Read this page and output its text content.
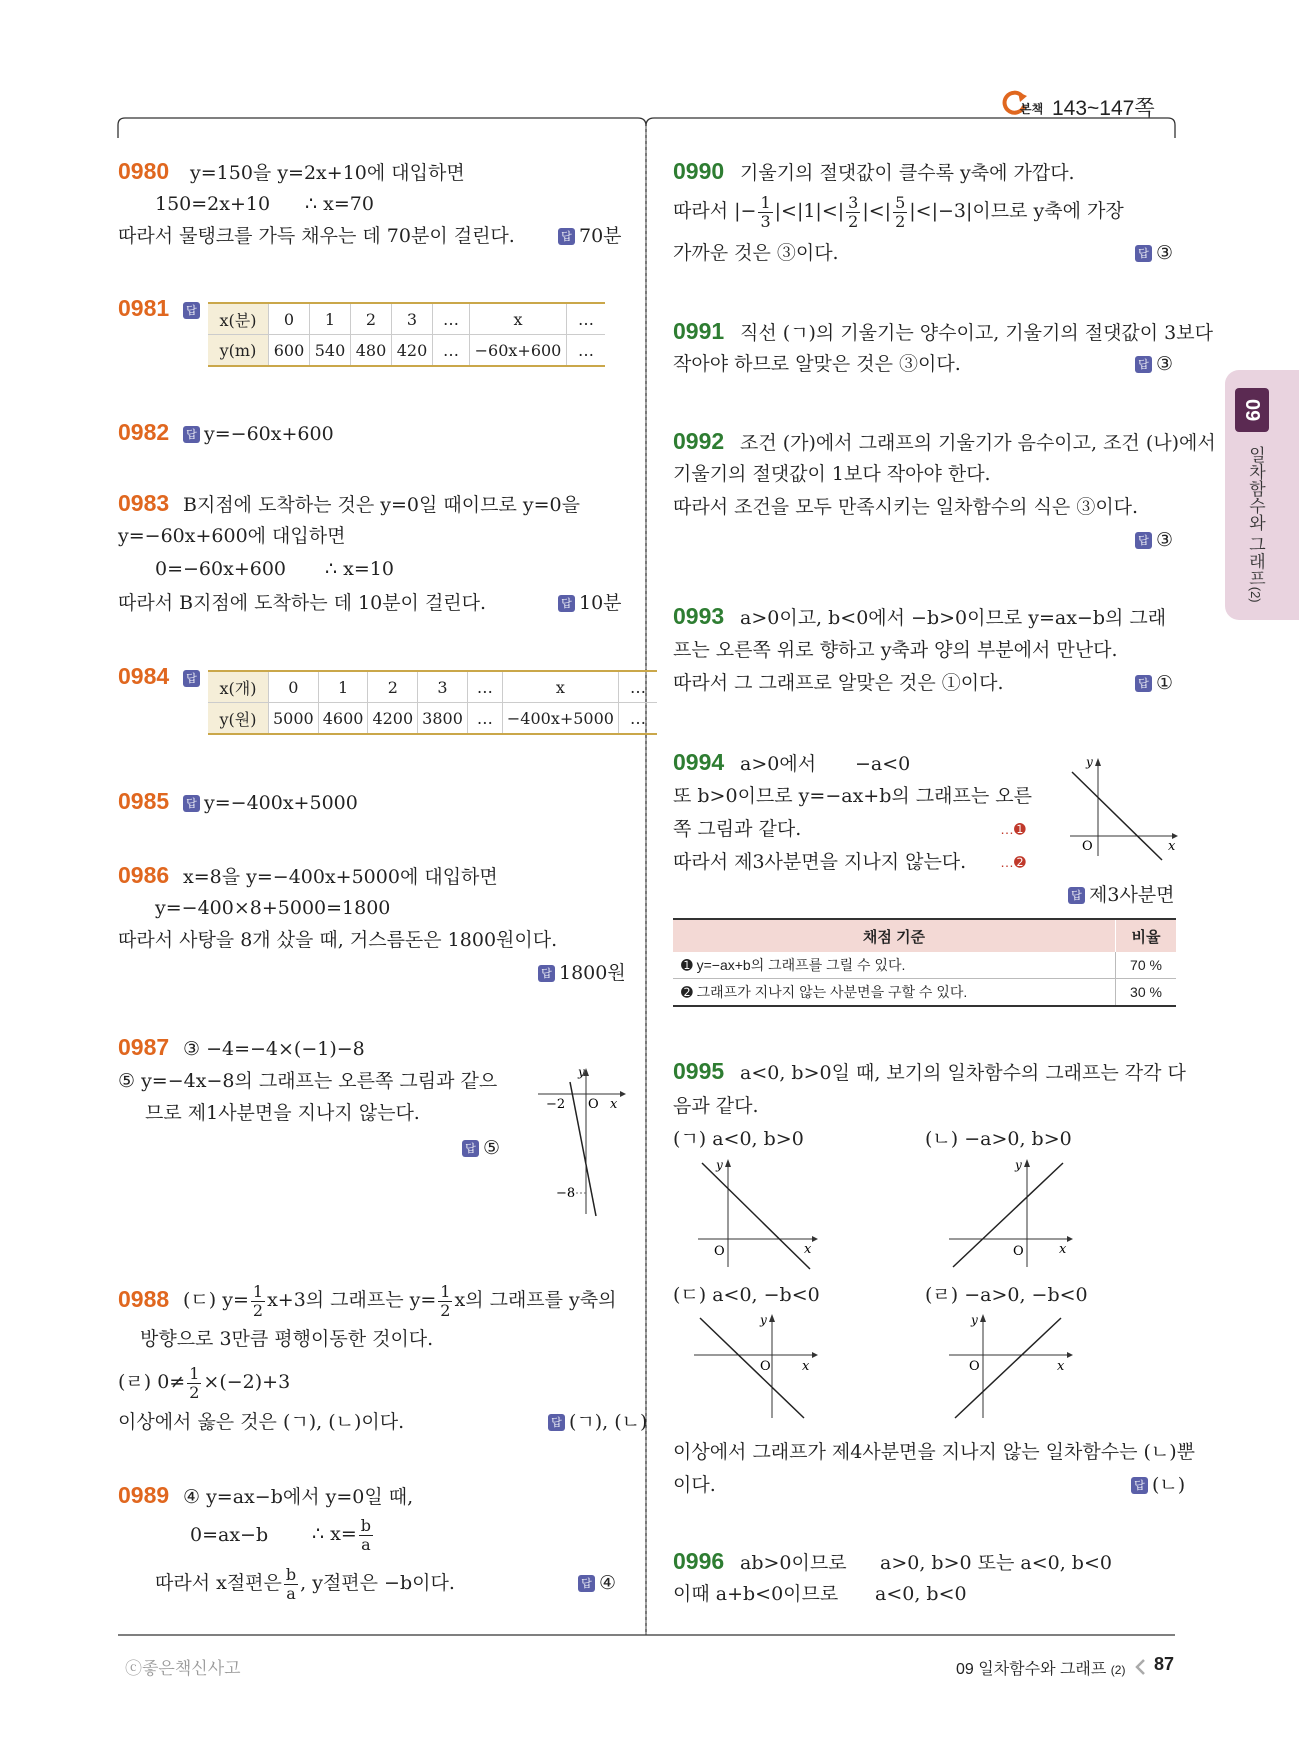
본책 143~147쪽
09
일차함수와 그래프(2)
0980 y=150을 y=2x+10에 대입하면
150=2x+10 ∴ x=70
따라서 물탱크를 가득 채우는 데 70분이 걸린다.	답 70분
0981 답 x(분)	0	1	2	3	…	x	…
y(m)	600	540	480	420	…	−60x+600	…
0982 답 y=−60x+600
0983 B지점에 도착하는 것은 y=0일 때이므로 y=0을
y=−60x+600에 대입하면
0=−60x+600 ∴ x=10
따라서 B지점에 도착하는 데 10분이 걸린다.	답 10분
0984 답 x(개)	0	1	2	3	…	x	…
y(원)	5000	4600	4200	3800	…	−400x+5000	…
0985 답 y=−400x+5000
0986 x=8을 y=−400x+5000에 대입하면
y=−400×8+5000=1800
따라서 사탕을 8개 샀을 때, 거스름돈은 1800원이다.
답 1800원
0987 ③ −4=−4×(−1)−8
⑤ y=−4x−8의 그래프는 오른쪽 그림과 같으
므로 제1사분면을 지나지 않는다.
답 ⑤
y
x
O
−2
−8
0988 (ㄷ) $y= \frac{1}{2} x+3$의 그래프는 $y= \frac{1}{2}$ x의 그래프를 y축의
방향으로 3만큼 평행이동한 것이다.
(ㄹ) $0\ne \frac{1}{2} \times(-2)+3$
이상에서 옳은 것은 (ㄱ), (ㄴ)이다.	답 (ㄱ), (ㄴ)
0989 ④ y=ax−b에서 y=0일 때,
0=ax−b ∴ $x= \frac{b}{a}$
따라서 x절편은 $\frac{b}{a}$ , y절편은 −b이다.	답 ④
0990 기울기의 절댓값이 클수록 y축에 가깝다.
따라서 |− $\frac{1}{3} |<|1|<| \frac{3}{2}$ |<| $\frac{5}{2} |<|-3|$이므로 y축에 가장
가까운 것은 ③이다.	답 ③
0991 직선 (ㄱ)의 기울기는 양수이고, 기울기의 절댓값이 3보다
작아야 하므로 알맞은 것은 ③이다.	답 ③
0992 조건 (가)에서 그래프의 기울기가 음수이고, 조건 (나)에서
기울기의 절댓값이 1보다 작아야 한다.
따라서 조건을 모두 만족시키는 일차함수의 식은 ③이다.
답 ③
0993 a>0이고, b<0에서 −b>0이므로 y=ax−b의 그래
프는 오른쪽 위로 향하고 y축과 양의 부분에서 만난다.
따라서 그 그래프로 알맞은 것은 ①이다.	답 ①
0994 a>0에서 −a<0
또 b>0이므로 y=−ax+b의 그래프는 오른
쪽 그림과 같다.	…➊
따라서 제3사분면을 지나지 않는다. …➋
답 제3사분면
y
x
O
채점 기준	비율
➊ y=−ax+b의 그래프를 그릴 수 있다.	70 %
➋ 그래프가 지나지 않는 사분면을 구할 수 있다.	30 %
0995 a<0, b>0일 때, 보기의 일차함수의 그래프는 각각 다
음과 같다.
(ㄱ) a<0, b>0	(ㄴ) −a>0, b>0
(ㄷ) a<0, −b<0	(ㄹ) −a>0, −b<0
y
x
O
y
x
O
y
x
O
y
x
O
이상에서 그래프가 제4사분면을 지나지 않는 일차함수는 (ㄴ)뿐
이다.	답 (ㄴ)
0996 ab>0이므로 a>0, b>0 또는 a<0, b<0
이때 a+b<0이므로 a<0, b<0
ⓒ좋은책신사고	09 일차함수와 그래프 (2) 87
